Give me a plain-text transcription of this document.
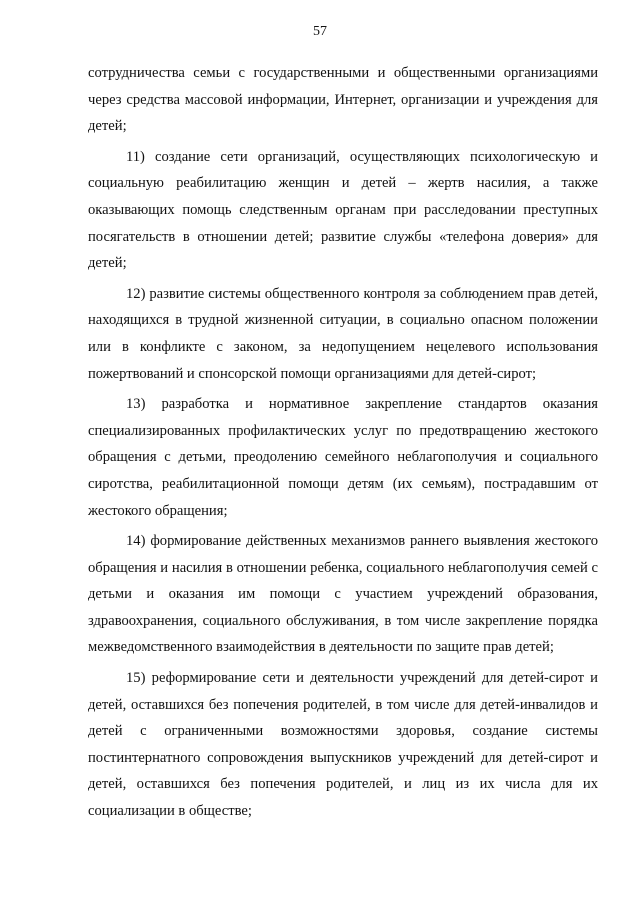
57

сотрудничества семьи с государственными и общественными организациями через средства массовой информации, Интернет, организации и учреждения для детей;

11) создание сети организаций, осуществляющих психологическую и социальную реабилитацию женщин и детей – жертв насилия, а также оказывающих помощь следственным органам при расследовании преступных посягательств в отношении детей; развитие службы «телефона доверия» для детей;

12) развитие системы общественного контроля за соблюдением прав детей, находящихся в трудной жизненной ситуации, в социально опасном положении или в конфликте с законом, за недопущением нецелевого использования пожертвований и спонсорской помощи организациями для детей-сирот;

13) разработка и нормативное закрепление стандартов оказания специализированных профилактических услуг по предотвращению жестокого обращения с детьми, преодолению семейного неблагополучия и социального сиротства, реабилитационной помощи детям (их семьям), пострадавшим от жестокого обращения;

14) формирование действенных механизмов раннего выявления жестокого обращения и насилия в отношении ребенка, социального неблагополучия семей с детьми и оказания им помощи с участием учреждений образования, здравоохранения, социального обслуживания, в том числе закрепление порядка межведомственного взаимодействия в деятельности по защите прав детей;

15) реформирование сети и деятельности учреждений для детей-сирот и детей, оставшихся без попечения родителей, в том числе для детей-инвалидов и детей с ограниченными возможностями здоровья, создание системы постинтернатного сопровождения выпускников учреждений для детей-сирот и детей, оставшихся без попечения родителей, и лиц из их числа для их социализации в обществе;
